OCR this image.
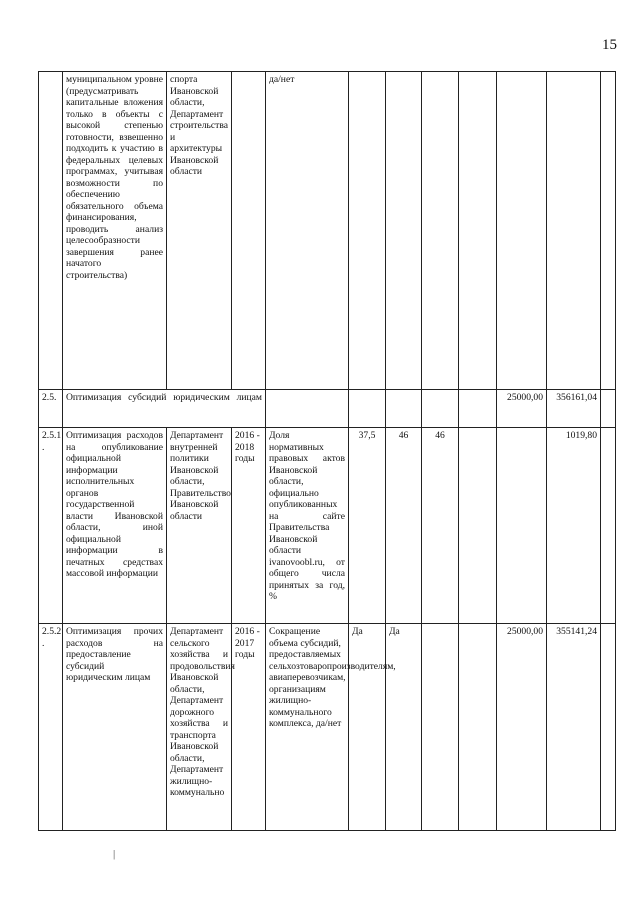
15
	муниципальном уровне (предусматривать капитальные вложения только в объекты с высокой степенью готовности, взвешенно подходить к участию в федеральных целевых программах, учитывая возможности по обеспечению обязательного объема финансирования, проводить анализ целесообразности завершения ранее начатого строительства)	спорта Ивановской области, Департамент строительства и архитектуры Ивановской области		да/нет							
2.5.	Оптимизация субсидий юридическим лицам								25000,00	356161,04	
2.5.1 .	Оптимизация расходов на опубликование официальной информации исполнительных органов государственной власти Ивановской области, иной официальной информации в печатных средствах массовой информации	Департамент внутренней политики Ивановской области, Правительство Ивановской области	2016 - 2018 годы	Доля нормативных правовых актов Ивановской области, официально опубликованных на сайте Правительства Ивановской области ivanovoobl.ru, от общего числа принятых за год, %	37,5	46	46			1019,80	
2.5.2 .	Оптимизация прочих расходов на предоставление субсидий юридическим лицам	Департамент сельского хозяйства и продовольствия Ивановской области, Департамент дорожного хозяйства и транспорта Ивановской области, Департамент жилищно-коммунально	2016 - 2017 годы	Сокращение объема субсидий, предоставляемых сельхозтоваропроизводителям, авиаперевозчикам, организациям жилищно-коммунального комплекса, да/нет	Да	Да			25000,00	355141,24	
|
